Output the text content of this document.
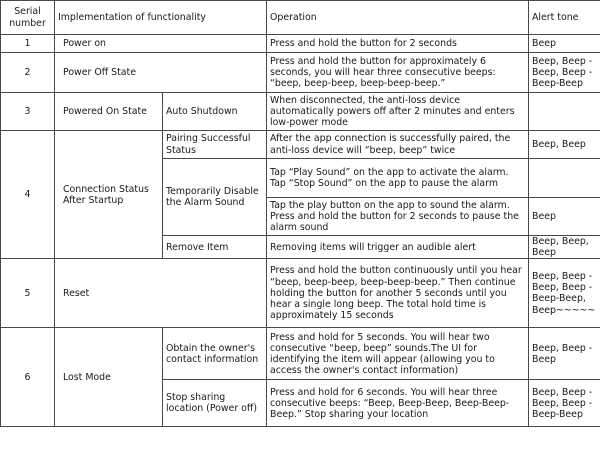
Serial number	Implementation of functionality		Operation	Alert tone
1	Power on		Press and hold the button for 2 seconds	Beep
2	Power Off State		Press and hold the button for approximately 6 seconds, you will hear three consecutive beeps: “beep, beep-beep, beep-beep-beep.”	Beep, Beep -Beep, Beep -Beep-Beep
3	Powered On State	Auto Shutdown	When disconnected, the anti-loss device automatically powers off after 2 minutes and enters low-power mode	
4	Connection Status After Startup	Pairing Successful Status	After the app connection is successfully paired, the anti-loss device will “beep, beep” twice	Beep, Beep
		Temporarily Disable the Alarm Sound	Tap “Play Sound” on the app to activate the alarm. Tap “Stop Sound” on the app to pause the alarm	
			Tap the play button on the app to sound the alarm. Press and hold the button for 2 seconds to pause the alarm sound	Beep
		Remove Item	Removing items will trigger an audible alert	Beep, Beep, Beep
5	Reset		Press and hold the button continuously until you hear “beep, beep-beep, beep-beep-beep.” Then continue holding the button for another 5 seconds until you hear a single long beep. The total hold time is approximately 15 seconds	Beep, Beep -Beep, Beep -Beep-Beep, Beep~~~~~
6	Lost Mode	Obtain the owner's contact information	Press and hold for 5 seconds. You will hear two consecutive “beep, beep” sounds.The UI for identifying the item will appear (allowing you to access the owner's contact information)	Beep, Beep -Beep
		Stop sharing location (Power off)	Press and hold for 6 seconds. You will hear three consecutive beeps: “Beep, Beep-Beep, Beep-Beep-Beep.” Stop sharing your location	Beep, Beep -Beep, Beep -Beep-Beep
